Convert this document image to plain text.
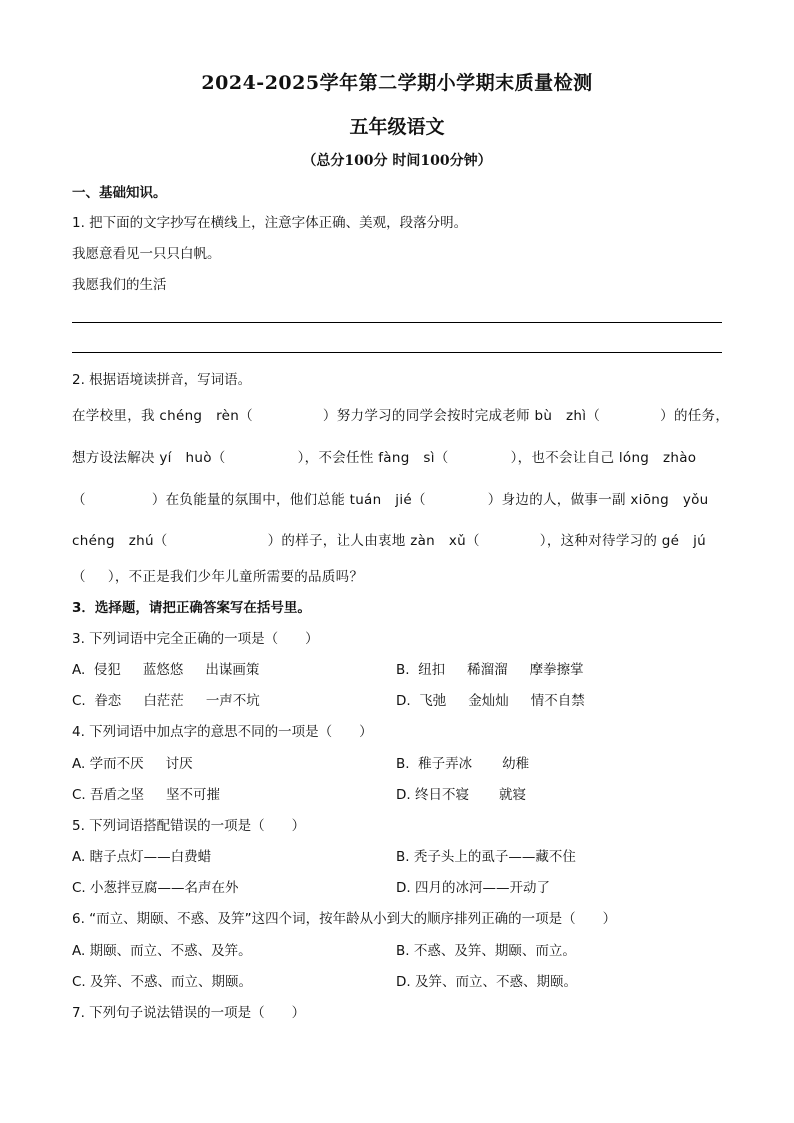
2024-2025学年第二学期小学期末质量检测
五年级语文
（总分100分 时间100分钟）
一、基础知识。
1. 把下面的文字抄写在横线上，注意字体正确、美观，段落分明。
我愿意看见一只只白帆。
我愿我们的生活
2. 根据语境读拼音，写词语。
在学校里，我 chéng　rèn（	）努力学习的同学会按时完成老师 bù　zhì（	）的任务，
想方设法解决 yí　huò（	），不会任性 fàng　sì（	），也不会让自己 lóng　zhào
（	）在负能量的氛围中，他们总能 tuán　jié（	）身边的人，做事一副 xiōng　yǒu
chéng　zhú（	）的样子，让人由衷地 zàn　xǔ（	），这种对待学习的 gé　jú
（ ），不正是我们少年儿童所需要的品质吗？
3．选择题，请把正确答案写在括号里。
3. 下列词语中完全正确的一项是（　　）
A. 侵犯 蓝悠悠 出谋画策	B. 纽扣 稀溜溜 摩拳擦掌
C. 眷恋 白茫茫 一声不坑	D. 飞弛 金灿灿 情不自禁
4. 下列词语中加点字的意思不同的一项是（　　）
A. 学而不厌 讨厌	B. 稚子弄冰 幼稚
C. 吾盾之坚 坚不可摧	D. 终日不寝 就寝
5. 下列词语搭配错误的一项是（　　）
A. 瞎子点灯——白费蜡	B. 秃子头上的虱子——藏不住
C. 小葱拌豆腐——名声在外	D. 四月的冰河——开动了
6. “而立、期颐、不惑、及笄”这四个词，按年龄从小到大的顺序排列正确的一项是（　　）
A. 期颐、而立、不惑、及笄。	B. 不惑、及笄、期颐、而立。
C. 及笄、不惑、而立、期颐。	D. 及笄、而立、不惑、期颐。
7. 下列句子说法错误的一项是（　　）
